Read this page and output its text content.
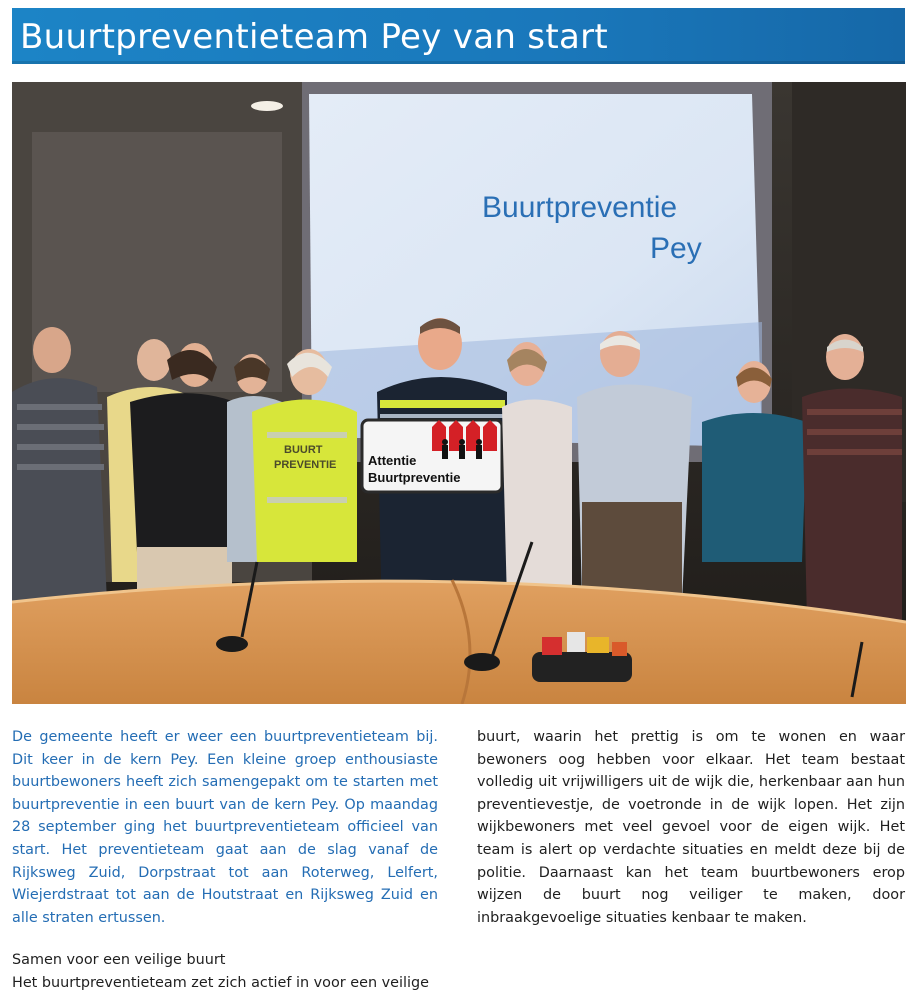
Buurtpreventieteam Pey van start
Buurtpreventie
Pey
BUURT
PREVENTIE Attentie
Buurtpreventie

De gemeente heeft er weer een buurtpreventieteam bij. Dit keer in de kern Pey. Een kleine groep enthousiaste buurtbewoners heeft zich samengepakt om te starten met buurtpreventie in een buurt van de kern Pey. Op maandag 28 september ging het buurtpreventieteam officieel van start. Het preventieteam gaat aan de slag vanaf de Rijksweg Zuid, Dorpstraat tot aan Roterweg, Lelfert, Wiejerdstraat tot aan de Houtstraat en Rijksweg Zuid en alle straten ertussen.

Samen voor een veilige buurt

Het buurtpreventieteam zet zich actief in voor een veilige

buurt, waarin het prettig is om te wonen en waar bewoners oog hebben voor elkaar. Het team bestaat volledig uit vrijwilligers uit de wijk die, herkenbaar aan hun preventievestje, de voetronde in de wijk lopen. Het zijn wijkbewoners met veel gevoel voor de eigen wijk. Het team is alert op verdachte situaties en meldt deze bij de politie. Daarnaast kan het team buurtbewoners erop wijzen de buurt nog veiliger te maken, door inbraakgevoelige situaties kenbaar te maken.
